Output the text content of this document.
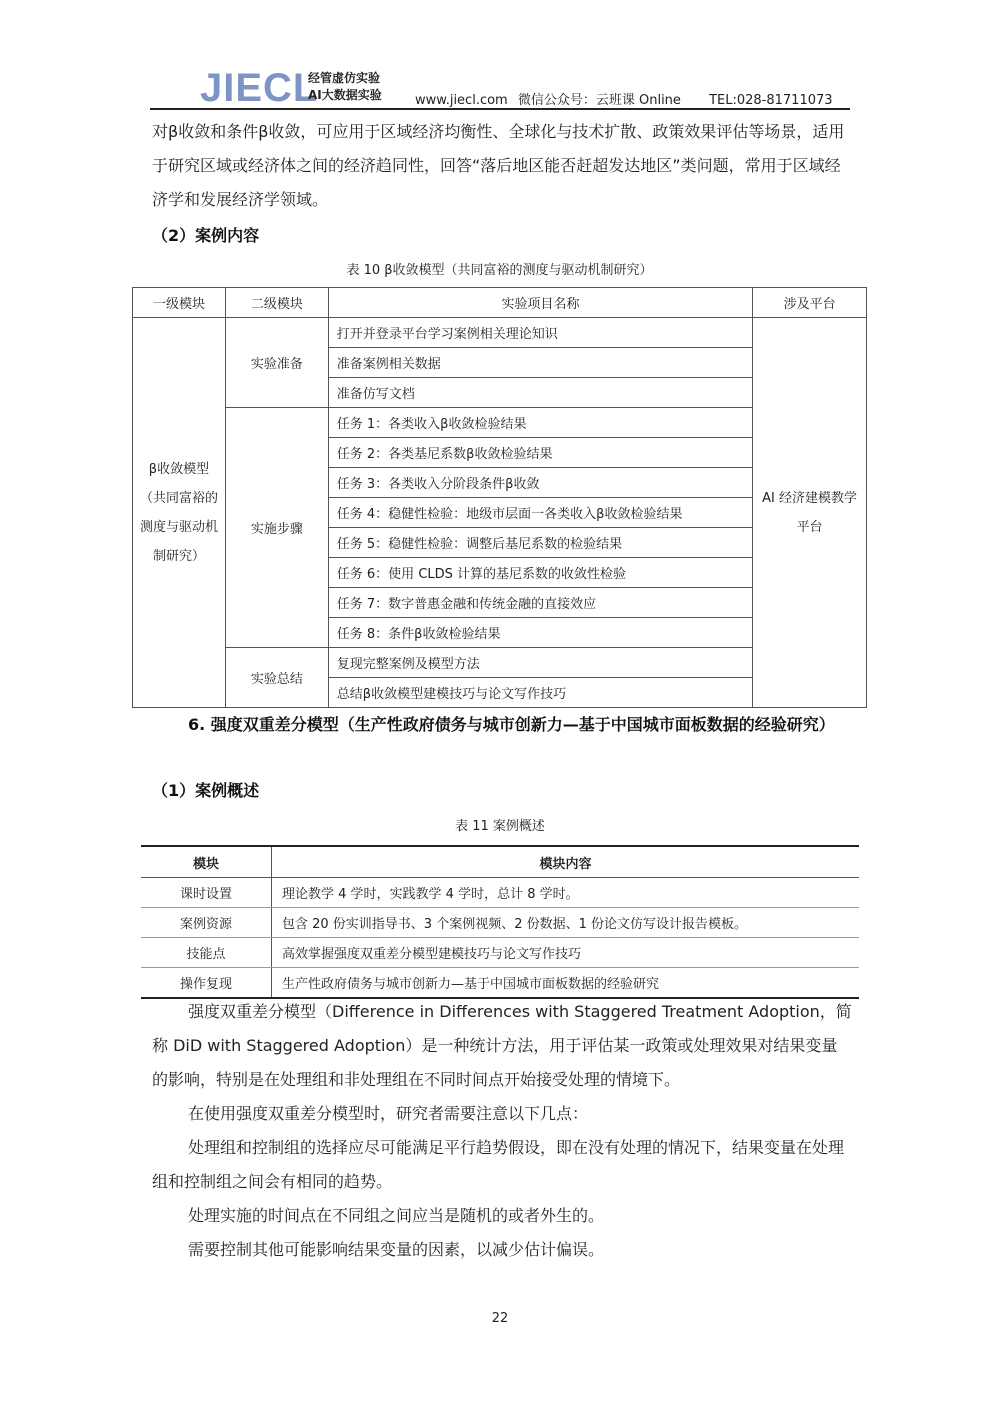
JIECL
经管虚仿实验
AI大数据实验	www.jiecl.com 微信公众号：云班课 Online TEL:028-81711073

对β收敛和条件β收敛，可应用于区域经济均衡性、全球化与技术扩散、政策效果评估等场景，适用于研究区域或经济体之间的经济趋同性，回答“落后地区能否赶超发达地区”类问题，常用于区域经济学和发展经济学领域。

（2）案例内容
表 10 β收敛模型（共同富裕的测度与驱动机制研究）
一级模块	二级模块	实验项目名称	涉及平台
β收敛模型（共同富裕的测度与驱动机制研究）	实验准备	打开并登录平台学习案例相关理论知识	AI 经济建模教学平台
		准备案例相关数据	
		准备仿写文档	
	实施步骤	任务 1：各类收入β收敛检验结果	
		任务 2：各类基尼系数β收敛检验结果	
		任务 3：各类收入分阶段条件β收敛	
		任务 4：稳健性检验：地级市层面一各类收入β收敛检验结果	
		任务 5：稳健性检验：调整后基尼系数的检验结果	
		任务 6：使用 CLDS 计算的基尼系数的收敛性检验	
		任务 7：数字普惠金融和传统金融的直接效应	
		任务 8：条件β收敛检验结果	
	实验总结	复现完整案例及模型方法	
		总结β收敛模型建模技巧与论文写作技巧	
6. 强度双重差分模型（生产性政府债务与城市创新力—基于中国城市面板数据的经验研究）
（1）案例概述
表 11 案例概述
模块	模块内容
课时设置	理论教学 4 学时，实践教学 4 学时，总计 8 学时。
案例资源	包含 20 份实训指导书、3 个案例视频、2 份数据、1 份论文仿写设计报告模板。
技能点	高效掌握强度双重差分模型建模技巧与论文写作技巧
操作复现	生产性政府债务与城市创新力—基于中国城市面板数据的经验研究

强度双重差分模型（Difference in Differences with Staggered Treatment Adoption，简称 DiD with Staggered Adoption）是一种统计方法，用于评估某一政策或处理效果对结果变量的影响，特别是在处理组和非处理组在不同时间点开始接受处理的情境下。

在使用强度双重差分模型时，研究者需要注意以下几点：

处理组和控制组的选择应尽可能满足平行趋势假设，即在没有处理的情况下，结果变量在处理组和控制组之间会有相同的趋势。

处理实施的时间点在不同组之间应当是随机的或者外生的。

需要控制其他可能影响结果变量的因素，以减少估计偏误。

22
